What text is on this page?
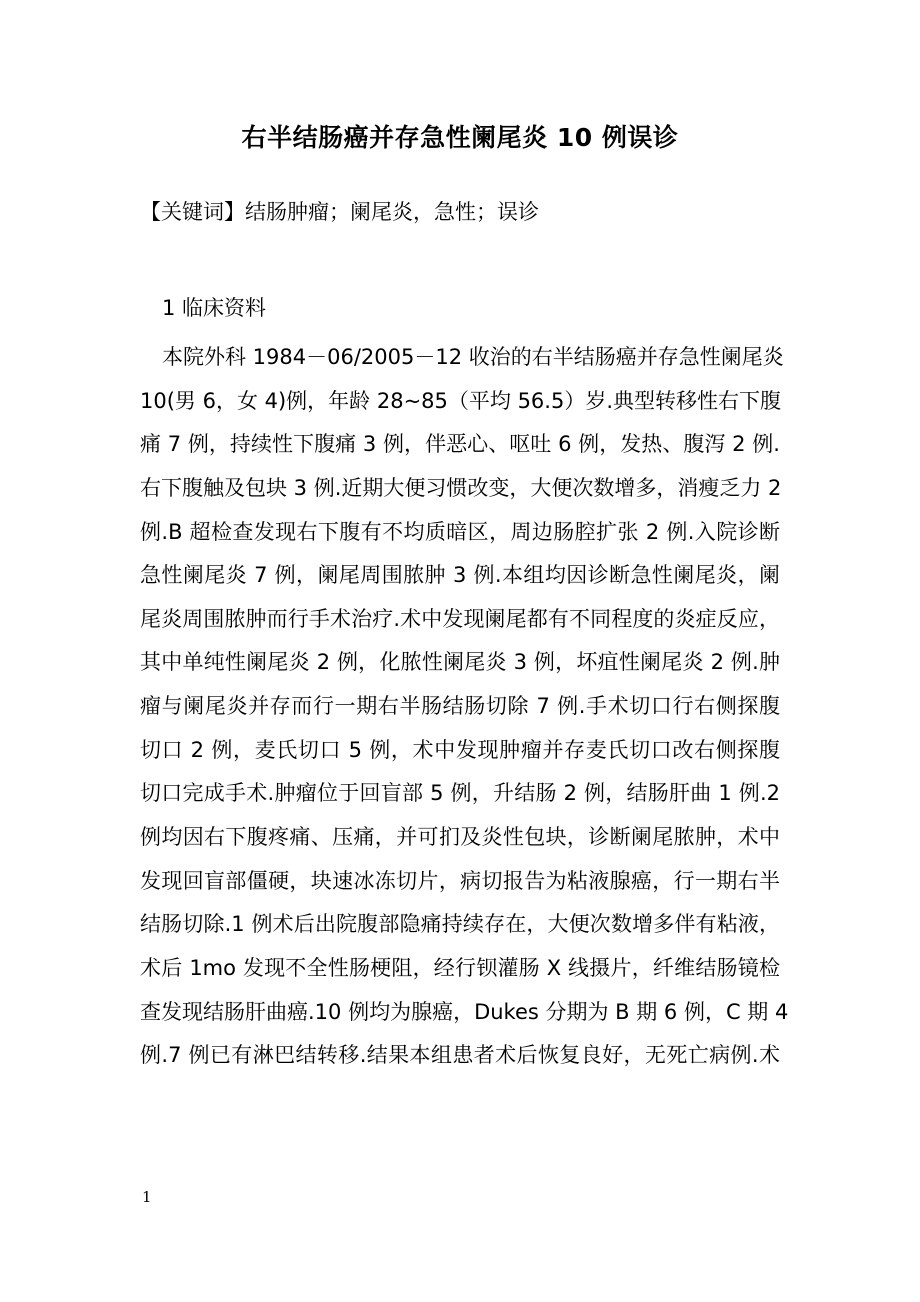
右半结肠癌并存急性阑尾炎 10 例误诊
【关键词】结肠肿瘤；阑尾炎，急性；误诊
1 临床资料
本院外科 1984－06/2005－12 收治的右半结肠癌并存急性阑尾炎
10(男 6，女 4)例，年龄 28~85（平均 56.5）岁.典型转移性右下腹
痛 7 例，持续性下腹痛 3 例，伴恶心、呕吐 6 例，发热、腹泻 2 例.
右下腹触及包块 3 例.近期大便习惯改变，大便次数增多，消瘦乏力 2
例.B 超检查发现右下腹有不均质暗区，周边肠腔扩张 2 例.入院诊断
急性阑尾炎 7 例，阑尾周围脓肿 3 例.本组均因诊断急性阑尾炎，阑
尾炎周围脓肿而行手术治疗.术中发现阑尾都有不同程度的炎症反应，
其中单纯性阑尾炎 2 例，化脓性阑尾炎 3 例，坏疽性阑尾炎 2 例.肿
瘤与阑尾炎并存而行一期右半肠结肠切除 7 例.手术切口行右侧探腹
切口 2 例，麦氏切口 5 例，术中发现肿瘤并存麦氏切口改右侧探腹
切口完成手术.肿瘤位于回盲部 5 例，升结肠 2 例，结肠肝曲 1 例.2
例均因右下腹疼痛、压痛，并可扪及炎性包块，诊断阑尾脓肿，术中
发现回盲部僵硬，块速冰冻切片，病切报告为粘液腺癌，行一期右半
结肠切除.1 例术后出院腹部隐痛持续存在，大便次数增多伴有粘液，
术后 1mo 发现不全性肠梗阻，经行钡灌肠 X 线摄片，纤维结肠镜检
查发现结肠肝曲癌.10 例均为腺癌，Dukes 分期为 B 期 6 例，C 期 4
例.7 例已有淋巴结转移.结果本组患者术后恢复良好，无死亡病例.术
1
